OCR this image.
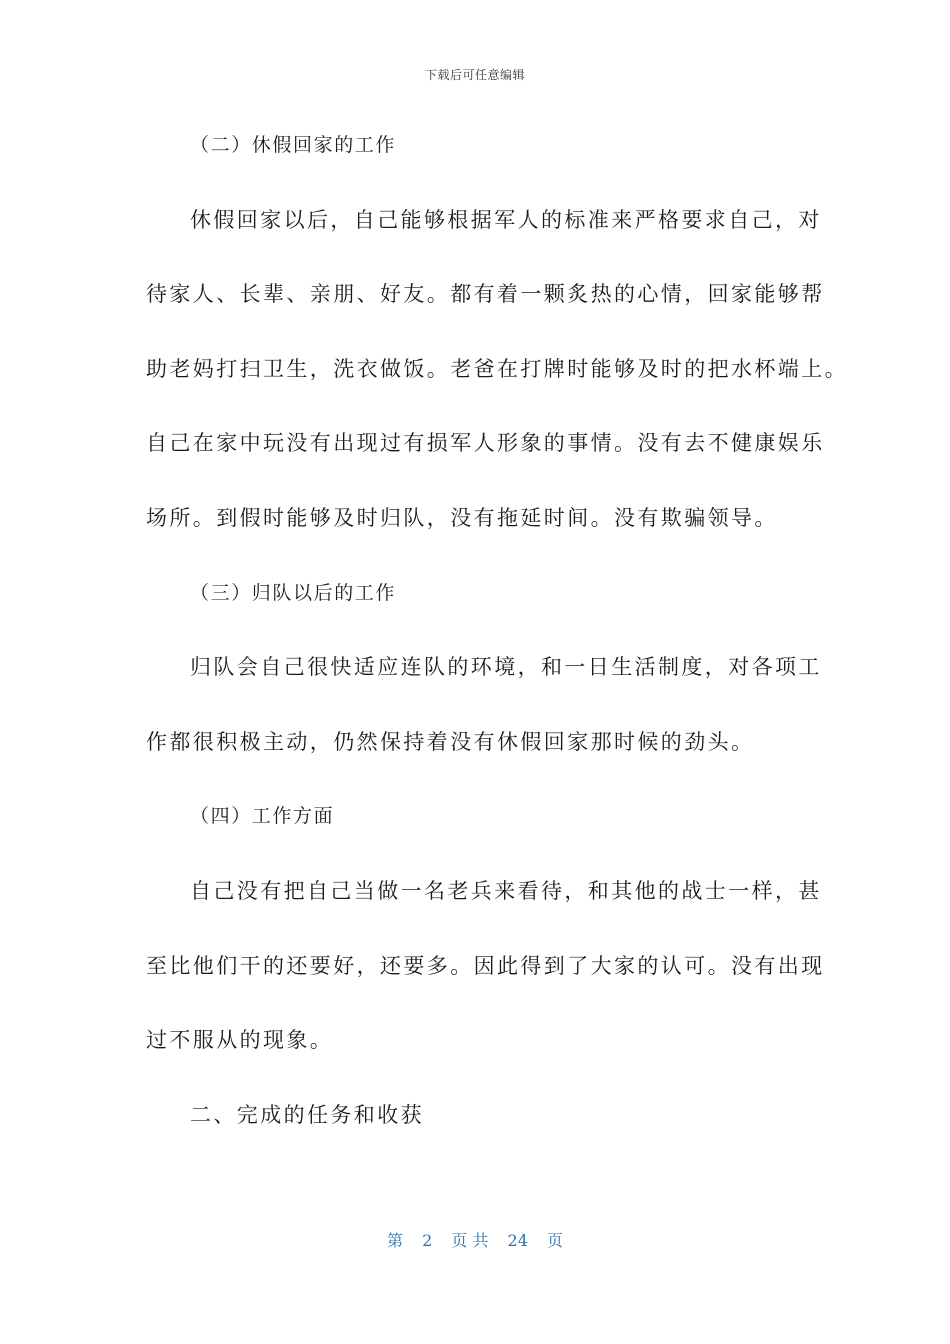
下载后可任意编辑
（二）休假回家的工作
休假回家以后，自己能够根据军人的标准来严格要求自己，对
待家人、长辈、亲朋、好友。都有着一颗炙热的心情，回家能够帮
助老妈打扫卫生，洗衣做饭。老爸在打牌时能够及时的把水杯端上。
自己在家中玩没有出现过有损军人形象的事情。没有去不健康娱乐
场所。到假时能够及时归队，没有拖延时间。没有欺骗领导。
（三）归队以后的工作
归队会自己很快适应连队的环境，和一日生活制度，对各项工
作都很积极主动，仍然保持着没有休假回家那时候的劲头。
（四）工作方面
自己没有把自己当做一名老兵来看待，和其他的战士一样，甚
至比他们干的还要好，还要多。因此得到了大家的认可。没有出现
过不服从的现象。
二、完成的任务和收获
第 2 页 共 24 页
